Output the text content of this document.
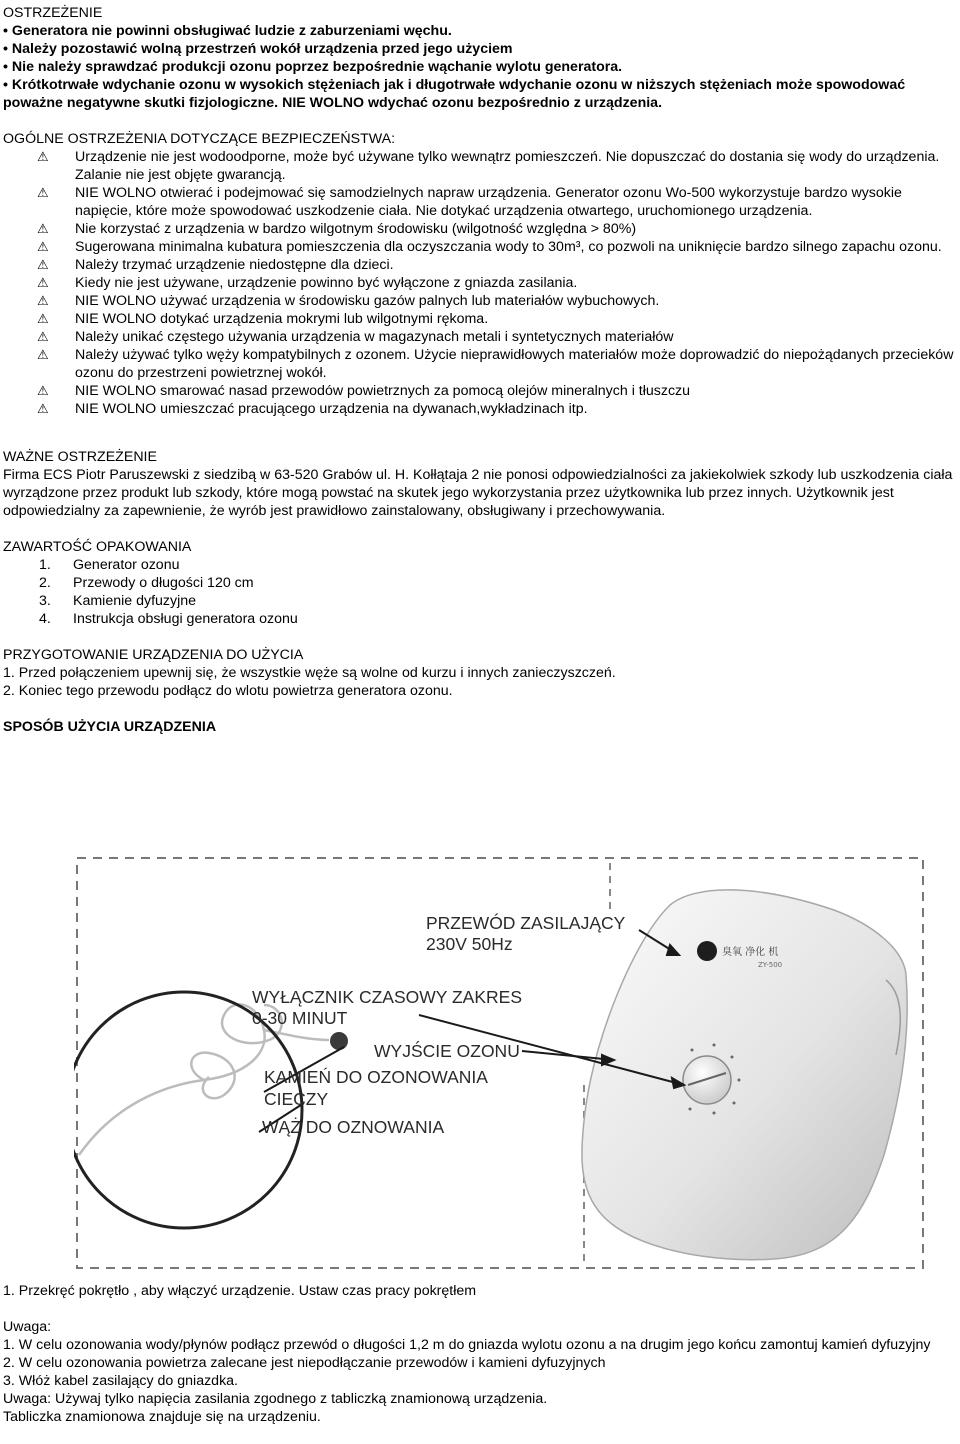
OSTRZEŻENIE

• Generatora nie powinni obsługiwać ludzie z zaburzeniami węchu.

• Należy pozostawić wolną przestrzeń wokół urządzenia przed jego użyciem

• Nie należy sprawdzać produkcji ozonu poprzez bezpośrednie wąchanie wylotu generatora.

• Krótkotrwałe wdychanie ozonu w wysokich stężeniach jak i długotrwałe wdychanie ozonu w niższych stężeniach może spowodować poważne negatywne skutki fizjologiczne. NIE WOLNO wdychać ozonu bezpośrednio z urządzenia.

OGÓLNE OSTRZEŻENIA DOTYCZĄCE BEZPIECZEŃSTWA:

⚠ Urządzenie nie jest wodoodporne, może być używane tylko wewnątrz pomieszczeń. Nie dopuszczać do dostania się wody do urządzenia. Zalanie nie jest objęte gwarancją.
⚠ NIE WOLNO otwierać i podejmować się samodzielnych napraw urządzenia. Generator ozonu Wo-500 wykorzystuje bardzo wysokie napięcie, które może spowodować uszkodzenie ciała. Nie dotykać urządzenia otwartego, uruchomionego urządzenia.
⚠ Nie korzystać z urządzenia w bardzo wilgotnym środowisku (wilgotność względna > 80%)
⚠ Sugerowana minimalna kubatura pomieszczenia dla oczyszczania wody to 30m³, co pozwoli na uniknięcie bardzo silnego zapachu ozonu.
⚠ Należy trzymać urządzenie niedostępne dla dzieci.
⚠ Kiedy nie jest używane, urządzenie powinno być wyłączone z gniazda zasilania.
⚠ NIE WOLNO używać urządzenia w środowisku gazów palnych lub materiałów wybuchowych.
⚠ NIE WOLNO dotykać urządzenia mokrymi lub wilgotnymi rękoma.
⚠ Należy unikać częstego używania urządzenia w magazynach metali i syntetycznych materiałów
⚠ Należy używać tylko węży kompatybilnych z ozonem. Użycie nieprawidłowych materiałów może doprowadzić do niepożądanych przecieków ozonu do przestrzeni powietrznej wokół.
⚠ NIE WOLNO smarować nasad przewodów powietrznych za pomocą olejów mineralnych i tłuszczu
⚠ NIE WOLNO umieszczać pracującego urządzenia na dywanach,wykładzinach itp.

WAŻNE OSTRZEŻENIE

Firma ECS Piotr Paruszewski z siedzibą w 63-520 Grabów ul. H. Kołłątaja 2 nie ponosi odpowiedzialności za jakiekolwiek szkody lub uszkodzenia ciała wyrządzone przez produkt lub szkody, które mogą powstać na skutek jego wykorzystania przez użytkownika lub przez innych. Użytkownik jest odpowiedzialny za zapewnienie, że wyrób jest prawidłowo zainstalowany, obsługiwany i przechowywania.

ZAWARTOŚĆ OPAKOWANIA

1. Generator ozonu
2. Przewody o długości 120 cm
3. Kamienie dyfuzyjne
4. Instrukcja obsługi generatora ozonu

PRZYGOTOWANIE URZĄDZENIA DO UŻYCIA

1. Przed połączeniem upewnij się, że wszystkie węże są wolne od kurzu i innych zanieczyszczeń.

2. Koniec tego przewodu podłącz do wlotu powietrza generatora ozonu.

SPOSÓB UŻYCIA URZĄDZENIA

臭氧 净化 机
ZY-500
PRZEWÓD ZASILAJĄCY
230V 50Hz
WYŁĄCZNIK CZASOWY ZAKRES
0-30 MINUT
WYJŚCIE OZONU
KAMIEŃ DO OZONOWANIA
CIECZY
WĄŻ DO OZNOWANIA

1. Przekręć pokrętło , aby włączyć urządzenie. Ustaw czas pracy pokrętłem

Uwaga:

1. W celu ozonowania wody/płynów podłącz przewód o długości 1,2 m do gniazda wylotu ozonu a na drugim jego końcu zamontuj kamień dyfuzyjny

2. W celu ozonowania powietrza zalecane jest niepodłączanie przewodów i kamieni dyfuzyjnych

3. Włóż kabel zasilający do gniazdka.

Uwaga: Używaj tylko napięcia zasilania zgodnego z tabliczką znamionową urządzenia. Tabliczka znamionowa znajduje się na urządzeniu.
